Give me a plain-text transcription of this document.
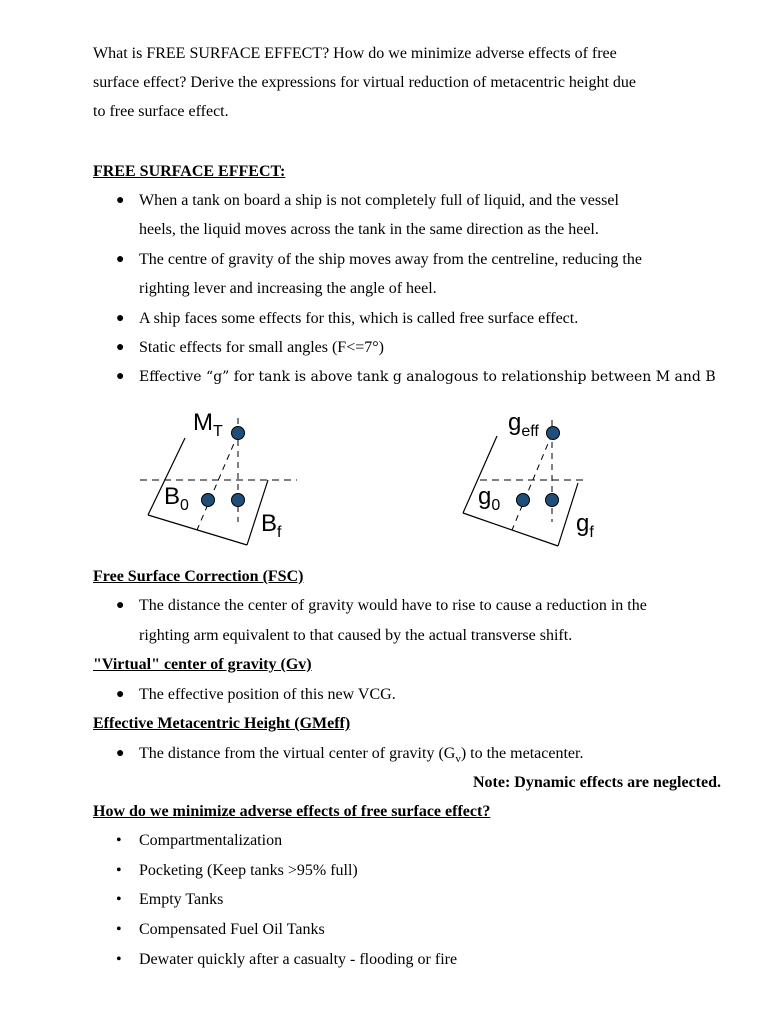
What is FREE SURFACE EFFECT? How do we minimize adverse effects of free
surface effect? Derive the expressions for virtual reduction of metacentric height due
to free surface effect.
FREE SURFACE EFFECT:
● When a tank on board a ship is not completely full of liquid, and the vessel
heels, the liquid moves across the tank in the same direction as the heel.
● The centre of gravity of the ship moves away from the centreline, reducing the
righting lever and increasing the angle of heel.
● A ship faces some effects for this, which is called free surface effect.
● Static effects for small angles (F<=7°)
● Effective “g” for tank is above tank g analogous to relationship between M and B
$M_T$
$B_0$
$B_f$
$g_{eff}$
$g_0$
$g_f$
Free Surface Correction (FSC)
● The distance the center of gravity would have to rise to cause a reduction in the
righting arm equivalent to that caused by the actual transverse shift.
"Virtual" center of gravity (Gv)
● The effective position of this new VCG.
Effective Metacentric Height (GMeff)
● The distance from the virtual center of gravity $(G_v)$ to the metacenter.
Note: Dynamic effects are neglected.
How do we minimize adverse effects of free surface effect?
• Compartmentalization
• Pocketing (Keep tanks >95% full)
• Empty Tanks
• Compensated Fuel Oil Tanks
• Dewater quickly after a casualty - flooding or fire
